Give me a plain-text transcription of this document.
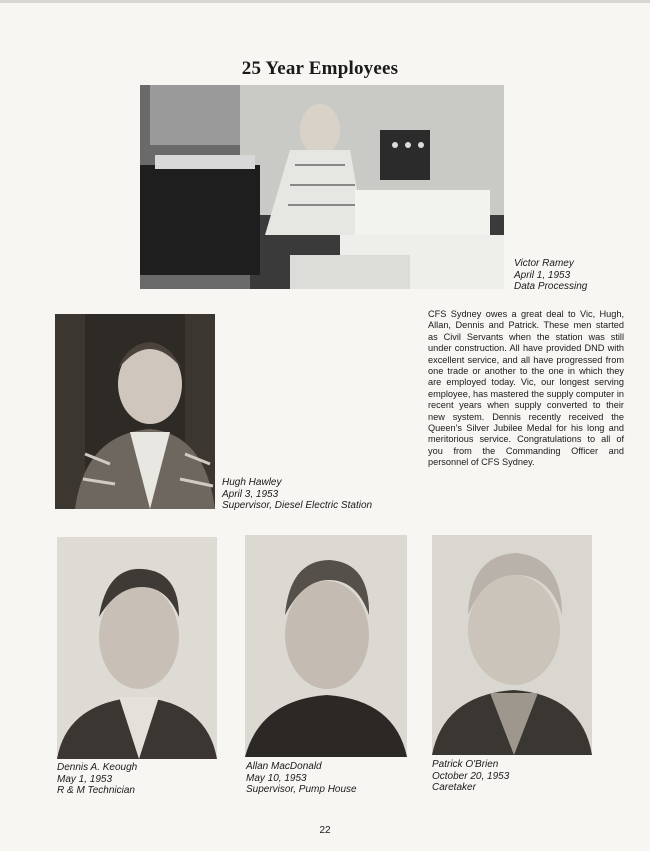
25 Year Employees
Victor Ramey
April 1, 1953
Data Processing
Hugh Hawley
April 3, 1953
Supervisor, Diesel Electric Station

CFS Sydney owes a great deal to Vic, Hugh, Allan, Dennis and Patrick. These men started as Civil Servants when the station was still under construction. All have provided DND with excellent service, and all have progressed from one trade or another to the one in which they are employed today. Vic, our longest serving employee, has mastered the supply computer in recent years when supply converted to their new system. Dennis recently received the Queen's Silver Jubilee Medal for his long and meritorious service. Congratulations to all of you from the Commanding Officer and personnel of CFS Sydney.

Dennis A. Keough
May 1, 1953
R & M Technician
Allan MacDonald
May 10, 1953
Supervisor, Pump House
Patrick O'Brien
October 20, 1953
Caretaker
22
